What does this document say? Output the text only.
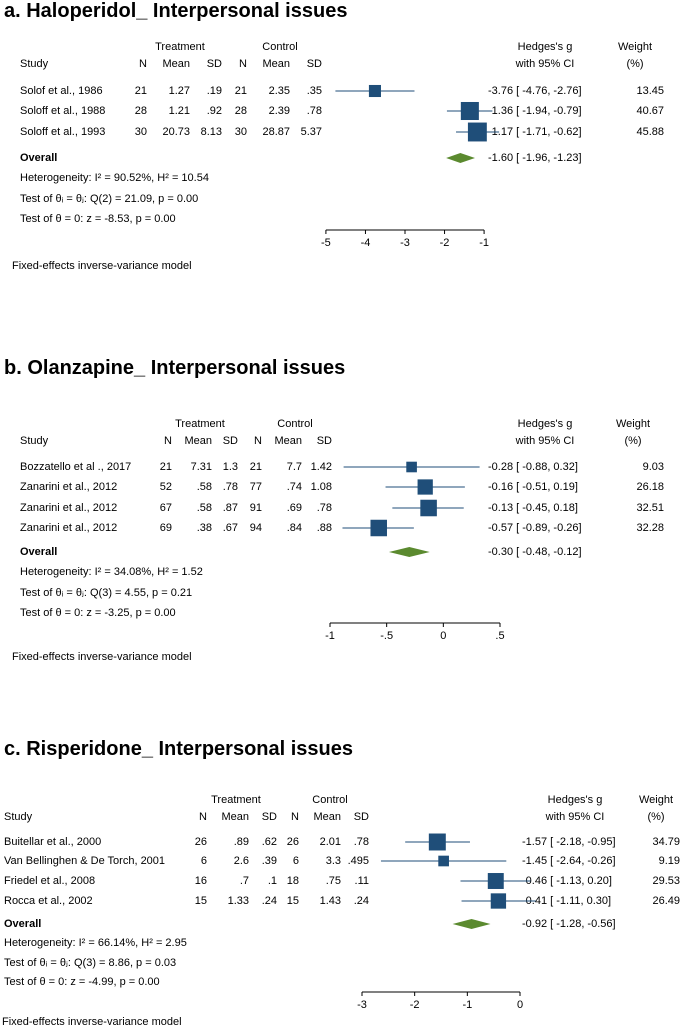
a. Haloperidol_ Interpersonal issues
Treatment	Control
Study	N	Mean	SD	N	Mean	SD
Hedges's g
with 95% CI
Weight
(%)
Solof et al., 1986	21	1.27	.19	21	2.35	.35	-3.76 [ -4.76, -2.76]	13.45
Soloff et al., 1988	28	1.21	.92	28	2.39	.78	-1.36 [ -1.94, -0.79]	40.67
Soloff et al., 1993	30	20.73 8.13	30	28.87 5.37	-1.17 [ -1.71, -0.62]	45.88
Overall	-1.60 [ -1.96, -1.23]
Heterogeneity: I² = 90.52%, H² = 10.54
Test of θᵢ = θⱼ: Q(2) = 21.09, p = 0.00
Test of θ = 0: z = -8.53, p = 0.00
Fixed-effects inverse-variance model
b. Olanzapine_ Interpersonal issues
Treatment	Control
Study	N	Mean SD	N	Mean	SD
Hedges's g
with 95% CI
Weight
(%)
Bozzatello et al ., 2017	21	7.31 1.3	21	7.7 1.42	-0.28 [ -0.88, 0.32]	9.03
Zanarini et al., 2012	52	.58 .78	77	.74 1.08	-0.16 [ -0.51, 0.19]	26.18
Zanarini et al., 2012	67	.58 .87	91	.69	.78	-0.13 [ -0.45, 0.18]	32.51
Zanarini et al., 2012	69	.38 .67	94	.84	.88	-0.57 [ -0.89, -0.26]	32.28
Overall	-0.30 [ -0.48, -0.12]
Heterogeneity: I² = 34.08%, H² = 1.52
Test of θᵢ = θⱼ: Q(3) = 4.55, p = 0.21
Test of θ = 0: z = -3.25, p = 0.00
Fixed-effects inverse-variance model
c. Risperidone_ Interpersonal issues
Treatment	Control
Study	N	Mean	SD	N	Mean	SD
Hedges's g
with 95% CI
Weight
(%)
Buitellar et al., 2000	26	.89	.62 26	2.01	.78	-1.57 [ -2.18, -0.95]	34.79
Van Bellinghen & De Torch, 2001	6	2.6	.39	6	3.3 .495	-1.45 [ -2.64, -0.26]	9.19
Friedel et al., 2008	16	.7	.1 18	.75	.11	-0.46 [ -1.13, 0.20]	29.53
Rocca et al., 2002	15	1.33	.24 15	1.43	.24	-0.41 [ -1.11, 0.30]	26.49
Overall	-0.92 [ -1.28, -0.56]
Heterogeneity: I² = 66.14%, H² = 2.95
Test of θᵢ = θⱼ: Q(3) = 8.86, p = 0.03
Test of θ = 0: z = -4.99, p = 0.00
Fixed-effects inverse-variance model
-5	-4	-3	-2	-1
-1	-.5	0	.5
-3	-2	-1	0
